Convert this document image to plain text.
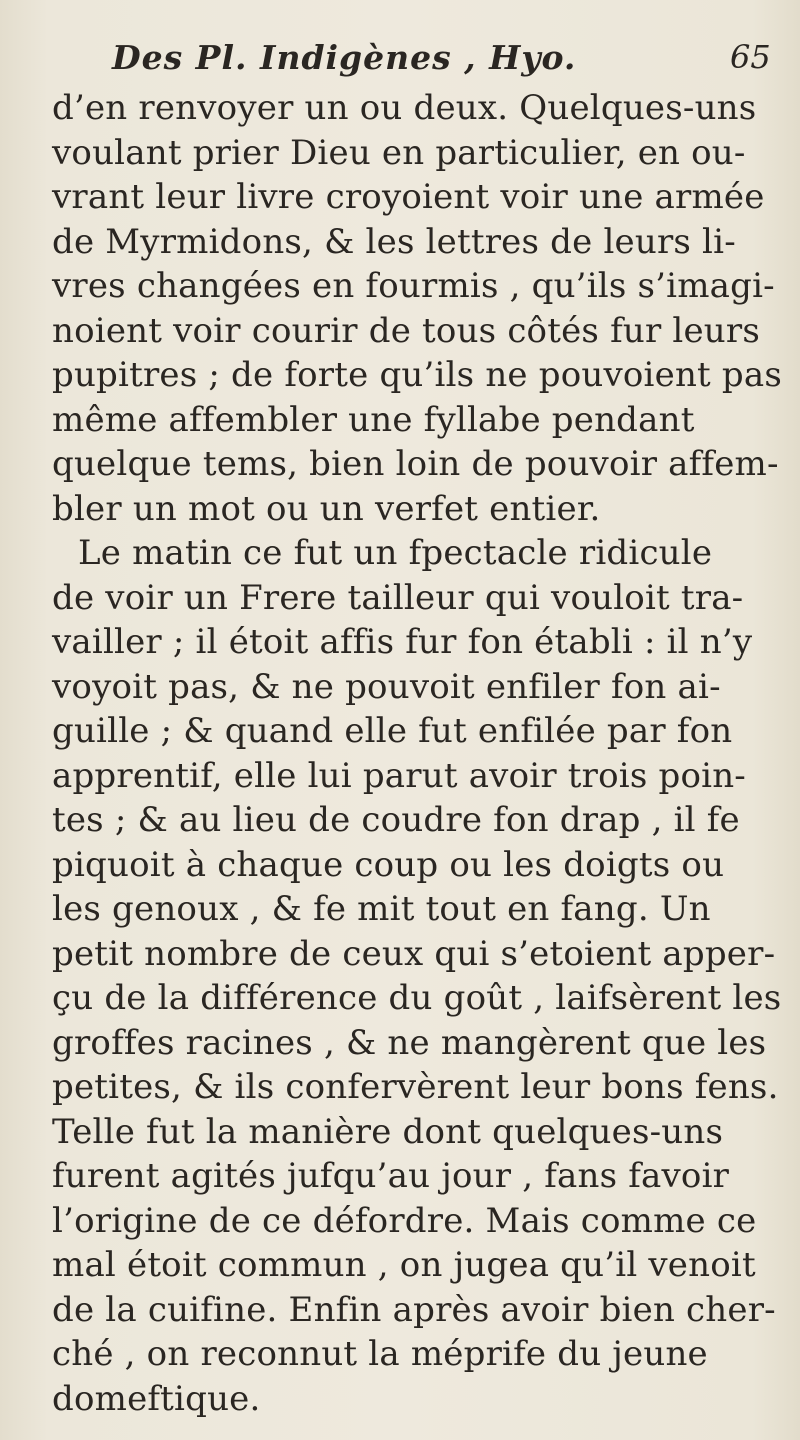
Des Pl. Indigènes , Hyo.	65
d’en renvoyer un ou deux. Quelques-uns
voulant prier Dieu en particulier, en ou-
vrant leur livre croyoient voir une armée
de Myrmidons, & les lettres de leurs li-
vres changées en fourmis , qu’ils s’imagi-
noient voir courir de tous côtés fur leurs
pupitres ; de forte qu’ils ne pouvoient pas
même affembler une fyllabe pendant
quelque tems, bien loin de pouvoir affem-
bler un mot ou un verfet entier.
Le matin ce fut un fpectacle ridicule
de voir un Frere tailleur qui vouloit tra-
vailler ; il étoit affis fur fon établi : il n’y
voyoit pas, & ne pouvoit enfiler fon ai-
guille ; & quand elle fut enfilée par fon
apprentif, elle lui parut avoir trois poin-
tes ; & au lieu de coudre fon drap , il fe
piquoit à chaque coup ou les doigts ou
les genoux , & fe mit tout en fang. Un
petit nombre de ceux qui s’etoient apper-
çu de la différence du goût , laifsèrent les
groffes racines , & ne mangèrent que les
petites, & ils confervèrent leur bons fens.
Telle fut la manière dont quelques-uns
furent agités jufqu’au jour , fans favoir
l’origine de ce défordre. Mais comme ce
mal étoit commun , on jugea qu’il venoit
de la cuifine. Enfin après avoir bien cher-
ché , on reconnut la méprife du jeune
domeftique.
